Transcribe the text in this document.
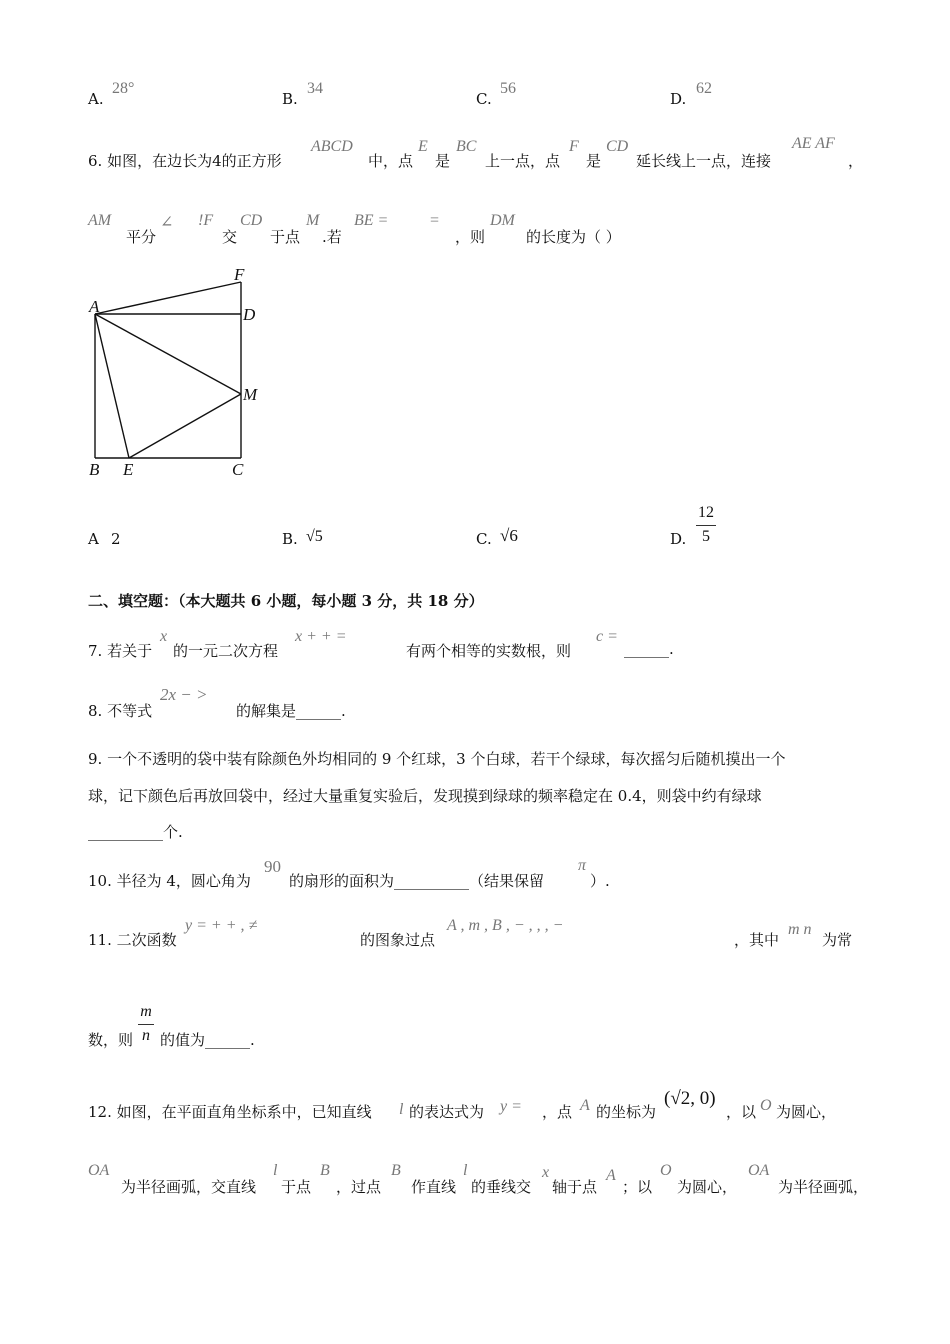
A.
28°
B.
34
C.
56
D.
62
6. 如图，在边长为4的正方形
ABCD
中，点
E
是
BC
上一点，点
F
是
CD
延长线上一点，连接
AE AF
，
AM
平分
∠ !F
交
CD
于点
M
.若
BE =	=
，则
DM
的长度为（ ）
A
B	C
D
E
F
M
A 2	B. √5	C. √6	D.
12
5
二、填空题：（本大题共 6 小题，每小题 3 分，共 18 分）
7. 若关于
x
的一元二次方程
x + + =
有两个相等的实数根，则
c =
______.
8. 不等式
2x − >
的解集是______.
9. 一个不透明的袋中装有除颜色外均相同的 9 个红球，3 个白球，若干个绿球，每次摇匀后随机摸出一个
球，记下颜色后再放回袋中，经过大量重复实验后，发现摸到绿球的频率稳定在 0.4，则袋中约有绿球
__________个.
10. 半径为 4，圆心角为
90
的扇形的面积为__________（结果保留
π
）.
11. 二次函数
y = + + , ≠
的图象过点
A , m , B , − , , , −
，其中
m n
为常
数，则
m
n 的值为______.
12. 如图，在平面直角坐标系中，已知直线 l 的表达式为 y = ，点 A 的坐标为
(√2, 0)
，以 O 为圆心，
OA
为半径画弧，交直线
l
于点
B
，过点
B
作直线
l
的垂线交
x
轴于点
A
；以
O
为圆心，
OA
为半径画弧，
